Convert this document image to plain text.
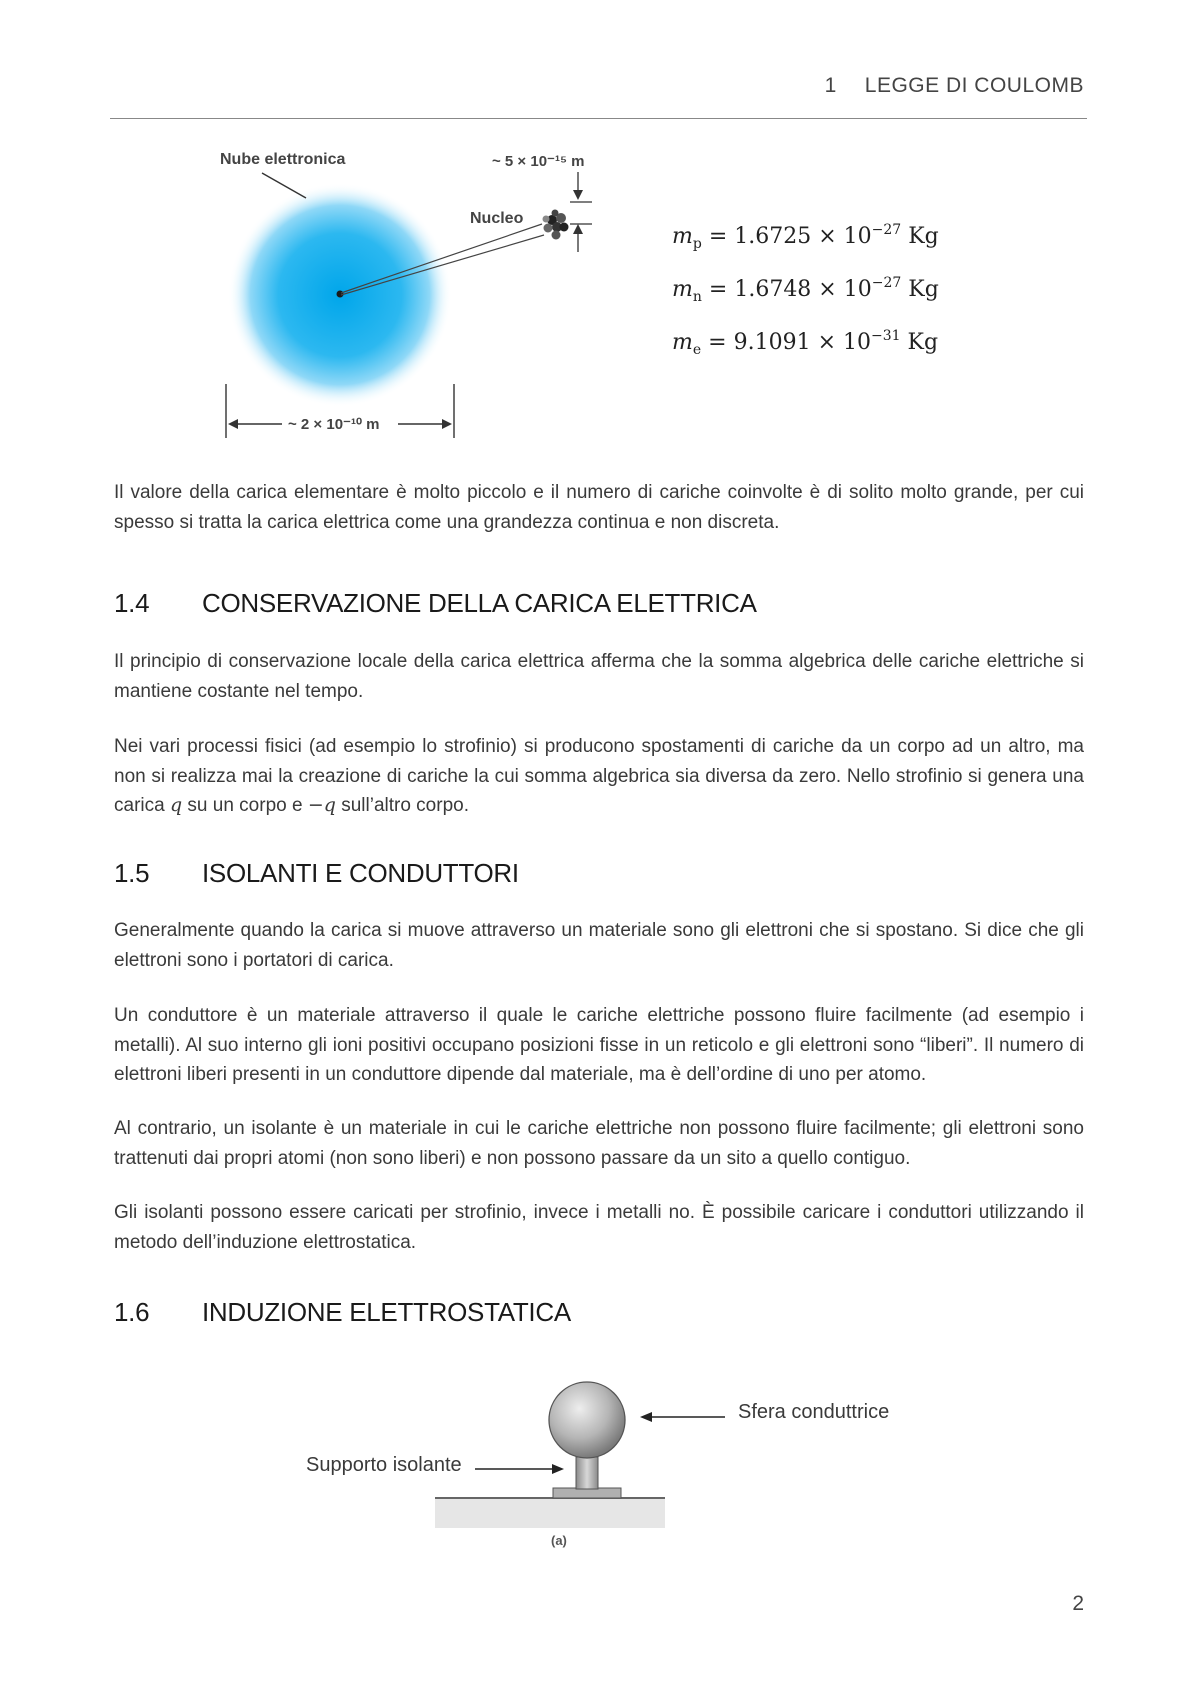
1 LEGGE DI COULOMB
Nube elettronica
Nucleo
~ 5 × 10⁻¹⁵ m
~ 2 × 10⁻¹⁰ m
$m_p = 1.6725 \times 10^{-27}$ Kg
$m_n = 1.6748 \times 10^{-27}$ Kg
$m_e = 9.1091 \times 10^{-31}$ Kg

Il valore della carica elementare è molto piccolo e il numero di cariche coinvolte è di solito molto grande, per cui spesso si tratta la carica elettrica come una grandezza continua e non discreta.

1.4 CONSERVAZIONE DELLA CARICA ELETTRICA

Il principio di conservazione locale della carica elettrica afferma che la somma algebrica delle cariche elettriche si mantiene costante nel tempo.

Nei vari processi fisici (ad esempio lo strofinio) si producono spostamenti di cariche da un corpo ad un altro, ma non si realizza mai la creazione di cariche la cui somma algebrica sia diversa da zero. Nello strofinio si genera una carica q su un corpo e −q sull’altro corpo.

1.5 ISOLANTI E CONDUTTORI

Generalmente quando la carica si muove attraverso un materiale sono gli elettroni che si spostano. Si dice che gli elettroni sono i portatori di carica.

Un conduttore è un materiale attraverso il quale le cariche elettriche possono fluire facilmente (ad esempio i metalli). Al suo interno gli ioni positivi occupano posizioni fisse in un reticolo e gli elettroni sono “liberi”. Il numero di elettroni liberi presenti in un conduttore dipende dal materiale, ma è dell’ordine di uno per atomo.

Al contrario, un isolante è un materiale in cui le cariche elettriche non possono fluire facilmente; gli elettroni sono trattenuti dai propri atomi (non sono liberi) e non possono passare da un sito a quello contiguo.

Gli isolanti possono essere caricati per strofinio, invece i metalli no. È possibile caricare i conduttori utilizzando il metodo dell’induzione elettrostatica.

1.6 INDUZIONE ELETTROSTATICA
(a)
Sfera conduttrice
Supporto isolante
2
